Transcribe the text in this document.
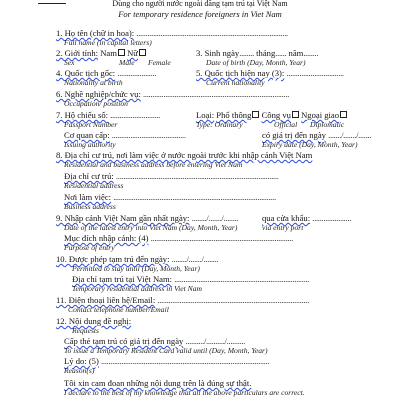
Dùng cho người nước ngoài đăng tạm trú tại Việt Nam
For temporary residence foreigners in Viet Nam
1. Họ tên (chữ in hoa): ..................................................................................
Full name (in capital letters)
2. Giới tính: Nam Nữ	3. Sinh ngày........ tháng...... năm........
Sex	Male Female	Date of birth (Day, Month, Year)
4. Quốc tịch gốc: .....................	5. Quốc tịch hiện nay (3): ...............................
Nationality at birth	Current nationality
6. Nghề nghiệp/chức vụ: ...............................................................................
Occupation/ position
7. Hộ chiếu số: ...........................	Loại: Phổ thông Công vụ Ngoại giao
Passport Number	Type: Ordinary	Official Diplomatic
Cơ quan cấp: ........................................	có giá trị đến ngày ......./......./.......
Issuing authority	Expiry date (Day, Month, Year)
8. Địa chỉ cư trú, nơi làm việc ở nước ngoài trước khi nhập cảnh Việt Nam
Residential and business address before entering Viet Nam
Địa chỉ cư trú: ........................................................................................
Residential address
Nơi làm việc: ........................................................................................
Business address
9. Nhập cảnh Việt Nam gần nhất ngày: ......../......./........	qua cửa khẩu: .....................
Date of the latest entry into Viet Nam (Day, Month, Year)	via entry port
Mục đích nhập cảnh: (4) .............................................................................
Purpose of entry
10. Được phép tạm trú đến ngày: ......../......./........
Permitted to stay until (Day, Month, Year)
Địa chỉ tạm trú tại Việt Nam: .........................................................................
Temporary residential address in Viet Nam
11. Điện thoại liên hệ/Email: ..................................................................................
Contact telephone number/Email
12. Nội dung đề nghị:
Requests
Cấp thẻ tạm trú có giá trị đến ngày ........../........../..........
To issue a Temporary Resident Card valid until (Day, Month, Year)
Lý do: (5) ...........................................................................................
Reason(s)
Tôi xin cam đoan những nội dung trên là đúng sự thật.
I declare to the best of my knowledge that all the above particulars are correct.
